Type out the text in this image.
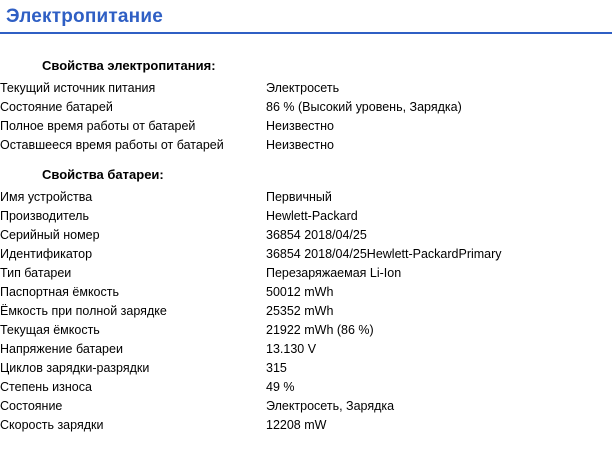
Электропитание
Свойства электропитания:
Текущий источник питания	Электросеть
Состояние батарей	86 % (Высокий уровень, Зарядка)
Полное время работы от батарей	Неизвестно
Оставшееся время работы от батарей	Неизвестно
Свойства батареи:
Имя устройства	Первичный
Производитель	Hewlett-Packard
Серийный номер	36854 2018/04/25
Идентификатор	36854 2018/04/25Hewlett-PackardPrimary
Тип батареи	Перезаряжаемая Li-Ion
Паспортная ёмкость	50012 mWh
Ёмкость при полной зарядке	25352 mWh
Текущая ёмкость	21922 mWh (86 %)
Напряжение батареи	13.130 V
Циклов зарядки-разрядки	315
Степень износа	49 %
Состояние	Электросеть, Зарядка
Скорость зарядки	12208 mW
